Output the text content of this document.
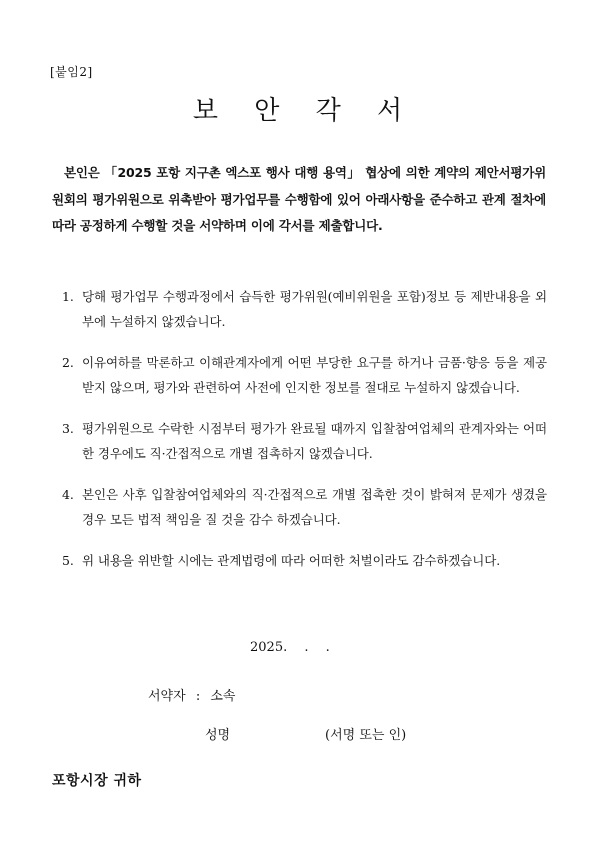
[붙임2]
보 안 각 서

본인은 「2025 포항 지구촌 엑스포 행사 대행 용역」 협상에 의한 계약의 제안서평가위원회의 평가위원으로 위촉받아 평가업무를 수행함에 있어 아래사항을 준수하고 관계 절차에 따라 공정하게 수행할 것을 서약하며 이에 각서를 제출합니다.

1. 당해 평가업무 수행과정에서 습득한 평가위원(예비위원을 포함)정보 등 제반내용을 외부에 누설하지 않겠습니다.
2. 이유여하를 막론하고 이해관계자에게 어떤 부당한 요구를 하거나 금품·향응 등을 제공받지 않으며, 평가와 관련하여 사전에 인지한 정보를 절대로 누설하지 않겠습니다.
3. 평가위원으로 수락한 시점부터 평가가 완료될 때까지 입찰참여업체의 관계자와는 어떠한 경우에도 직·간접적으로 개별 접촉하지 않겠습니다.
4. 본인은 사후 입찰참여업체와의 직·간접적으로 개별 접촉한 것이 밝혀져 문제가 생겼을 경우 모든 법적 책임을 질 것을 감수 하겠습니다.
5. 위 내용을 위반할 시에는 관계법령에 따라 어떠한 처벌이라도 감수하겠습니다.
2025.　 .　 .
서약자 : 소속
성명	(서명 또는 인)
포항시장 귀하
